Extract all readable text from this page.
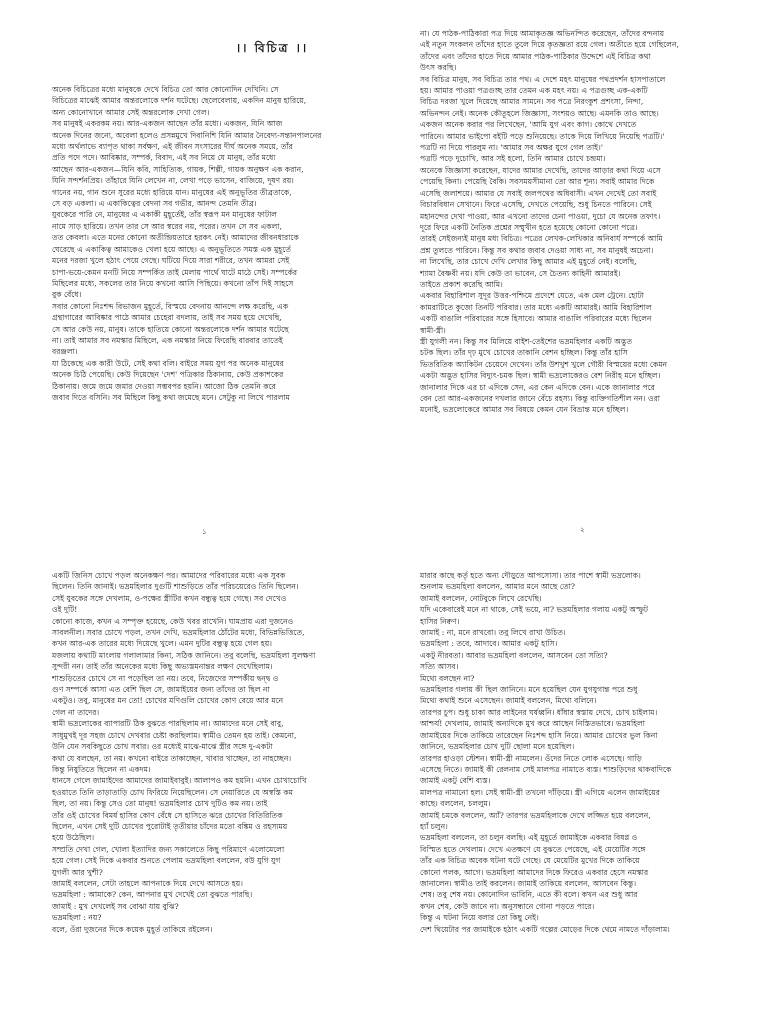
।। বিচিত্র ।।
অনেক বিচিত্রের মধ্যে মানুষকে দেখে বিচিত্র তো আর কোনোদিন দেখিনি। সে
বিচিত্রের মাঝেই আমার অন্তরলোকে দর্শন ঘটেছে। ছেলেবেলায়, একদিন মানুষ হারিয়ে,
অন্য কোনোখানে আমার সেই অন্তরলোক দেখা গেল।
সব মানুষই একরকম নয়। আর-একজন আছেন তাঁর মধ্যে। একজন, যিনি আজ
অনেক দিনের জন্যে, অবেলা হলেও প্রসন্নমুখে দিবানিশি যিনি আমার নৈবেদ্য-সন্তানপালনের
মধ্যে অর্থলাভে ব্যাপৃত থাকা সর্বক্ষণ, এই জীবন সংসারের দীর্ঘ অনেক সময়ে, তাঁর
প্রতি পদে পদে। আবিষ্কার, সম্পর্ক, বিবাদ, এই সব নিয়ে যে মানুষ, তাঁর মধ্যে
আছেন আর-একজন—যিনি কবি, সাহিত্যিক, গায়ক, শিল্পী, গায়ক অনুক্ষণ এক করান,
যিনি সন্দর্শনপ্রিয়। তাঁহারে যিনি লেখেন না, লেখা পড়ে ভাসেন, বাজিয়ে, দূষণ রয়।
গানের নয়, গান শুনে সুরের মধ্যে হারিয়ে যান। মানুষের এই অনুভূতির তীব্রতাকে,
সে বড় একলা। এ একাকিত্বের বেদনা সব গভীর, আনন্দ তেমনি তীব্র।
যুবকেরে পারি নে, মানুষের এ একাকী মুহূর্তেই, তাঁর স্বরূপ মন মানুষের ফাটাল
নামে সাড় হারিয়ে। তখন তার সে আর স্বরের নয়, পরের। তখন সে সব একলা,
তত কেবলা। এতে মনের কোনো অতীন্দ্রিয়তারে হরকৎ নেই। আমাদের জীবনধারাকে
ঘেরেছে এ একাকিত্ব আমাকেও খেলা হয়ে আছে। এ অনুভূতিতে সমস্ত এক মুহূর্তে
মনের দরজা খুলে হঠাৎ পেয়ে গেছে। ঘটিয়ে দিয়ে সারা শরীরে, তখন আমরা সেই
চাপা-ভয়ে-কেমন মনটি নিয়ে সম্পর্কিত তাই মেলায় পাৰ্থে ঘাটে মাঠে সেই। সম্পর্কের
মিছিলের মধ্যে, সকলের তার নিয়ে কখনো আসি পিছিয়ে। কখনো তাঁপ দিই সাহসে
বুক বেঁধে।
সবার কোনো নিঃশব্দ বিভাজন মুহূর্তে, বিস্ময়ে বেদনায় আনন্দে লক্ষ করেছি, এক
গ্রন্থাগারের আবিষ্কার পাঠে আমার চেহেরা বদলায়, তাই সব সময় হয়ে দেখেছি,
সে আর কেউ নয়, মানুষ। তাকে হাতিয়ে কোনো অন্তরলোকে দর্শন আমার ঘটেছে
না। তাই আমার সব নমস্কার মিছিলে, এক নমস্কার নিয়ে ফিরেছি বারবার তাতেই
বরঞ্জলা।
যা ঠিকেছে এক কারী উটে, সেই কথা বলি। বাইরে সময় যুগ পর অনেক মানুষের
অনেক চিঠি পেয়েছি। কেউ দিয়েছেন 'দেশ' পত্রিকার ঠিকানায়, কেউ প্রকাশকের
ঠিকানায়। জমে জমে জমার দেওয়া সম্ভবপর হয়নি। আজো ঠিক তেমনি করে
জবাব দিতে বসিনি। সব মিছিলে কিছু কথা জমেছে মনে। সেটুকু না লিখে পারলাম
১
না। যে পাঠক-পাঠিকারা পত্র দিয়ে আমাকৃতজ্ঞ অভিনন্দিত করেছেন, তাঁদের বন্দনায়
এই নতুন সংকলন তাঁদের হাতে তুলে দিয়ে কৃতজ্ঞতা রয়ে গেল। অতীতে হয়ে গেছিলেন,
তাঁদের এবং তাঁদের হাতে দিয়ে আমার পাঠক-পাঠিকার উদ্দেশে এই বিচিত্র কথা
উৎস করছি।
সব বিচিত্র মানুষ, সব বিচিত্র তার পথ। এ দেশে মহৎ মানুষের পথপ্রদর্শন হাসপাতালে
হয়। আমার পাওয়া পত্রগুচ্ছ তার তেমন এক মহৎ নয়। এ পত্রগুচ্ছ এক-একটি
বিচিত্র দরজা খুলে দিয়েছে আমার সামনে। সব পত্রে নিরংকুশ প্রশংসা, নিন্দা,
অভিনন্দন নেই। অনেক কৌতূহলে জিজ্ঞাসা, সংশয়ও আছে। এমনকি তাও আছে।
একজন অনেক করার পর লিখেছেন, 'আমি যুগ এবং কাগ। কোথে দেখতে
পারিনে। আমার ভাইপো বইটি পড়ে শুনিয়েছে। তাকে দিয়ে লিখিয়ে নিয়েছি পত্রটি।'
পত্রটি না দিয়ে পারলুম না। 'আমার সব অক্ষর যুগে গেল তাই।'
পত্রটি পড়ে দুচোখি, আর সই হলো, তিনি আমার চোখে চন্দ্রমা।
অনেকে জিজ্ঞাসা করেছেন, যাদের আমার দেখেছি, তাদের আড়ার কথা দিয়ে এসে
পেয়েছি কিনা। পেয়েছি বৈকি। সবসময়সীমানা তো আর শূন্য। সবাই আমার দিকে
এসেছি জলাশয়ে। আমার যে সবাই জলপথের অধিবাসী। এখন দেখেই তো সবাই
বিচারবিধান সেখানে। ফিরে এসেছি, দেখতে পেয়েছি, শুধু চিনতে পারিনে। সেই
মহানন্দের দেখা পাওয়া, আর এখনো তাদের চেনা পাওয়া, দুচো যে অনেক তফাৎ।
দূরে ফিরে একটি নৈতিক প্রশ্নের সম্মুখীন হতে হয়েছে কোনো কোনো পত্রে।
তারই সেইজন্যই মানুষ মধ্য বিচিত্র। পত্রের লেখক-লেখিকার অনিবার্য সম্পর্কে আমি
প্রশ্ন তুলতে পারিনে। কিন্তু সব কথার জবাব দেওয়া সাধ্য না, সব মানুষই অচেনা।
না লিখেছি, তার চোখে দেখি লেখার কিছু আমার এই মুহূর্তে নেই। বলেছি,
শ্যামা বৈষ্ণবী নয়। যদি কেউ তা ভাবেন, সে চৈতন্য কাহিনী আমারই।
তাইতে প্রকাশ করেছি আমি।
একবার বিহারিশাল সুদূর উত্তর-পশ্চিমে প্রদেশে যেতে, এক মেল ট্রেনে। হোটা
কামরাটিতে কুজো তিনটি পরিবার। তার মধ্যে একটি আমারই। আমি বিহারিশাল
একটি বাঙালি পরিবারের সঙ্গে হিসাবে। আমার বাঙালি পরিবারের মধ্যে ছিলেন
স্বামী-স্ত্রী।
স্ত্রী যুগলী নন। কিন্তু সব মিলিয়ে বাইশ-তেইশের ভদ্রমহিলার একটি অদ্ভুত
চটক ছিল। তাঁর দৃঢ় মুখে চোখের তাকানি বেশন হচ্ছিল। কিন্তু তাঁর হাসি
ভিতরিতিক অ্যাকিটন চেয়েনে দেখেন। তাঁর উশখুশ খুলে গৌরী বিস্ময়ের মধ্যে কেমন
একটা অদ্ভুত হাসির বিদ্যুৎ-চমক ছিল। স্বামী ভদ্রলোকেরও বেশ নিরীহ মনে হচ্ছিল।
জানালার দিকে এর চা এদিকে সেন, এর কেন এদিকে বেন। একে জানালার পরে
বেন তো আর-একজনের দখলার জানে বেঁচে রহস্য। কিন্তু ব্যক্তিগতিশীল নন। ওরা
মনোই, ভদ্রলোকেরে আমার সব বিষয়ে কেমন যেন বিভ্রান্ত মনে হচ্ছিল।
২
একটি জিনিস চোখে পড়ল অনেকক্ষণ পর। আমাদের পরিবারের মধ্যে এক সুবক
ছিলেন। তিনি জানাই। ভদ্রমহিলার দুগুটি শাশুড়িতে তাঁর পরিচয়েরেও তিনি ছিলেন।
সেই যুবকের সঙ্গে দেখলাম, ও-পক্ষের স্ত্রীটির কখন বন্ধুত্ব হয়ে গেছে। সব দেখেও
ওই দুটি!
কোনো কাজে, কখন এ সম্পৃক্ত হয়েছে, কেউ খবর রাখেনি। ঘামপ্রায় এরা দুজনেও
সাবলনীল। সবার চোখে পড়ল, তখন দেখি, ভদ্রমহিলার ঠোঁটের মধ্যে, বিভিন্নভিত্তিতে,
কখন আর-এক তারের মধ্যে দিয়েছে খুলে। এমন দুটির বন্ধুত্ব হয়ে গেল হয়।
মজলায় কথাটি মাংলায় গলালামার কিনা, সঠিক জানিনে। তবু বলেছি, ভদ্রমহিলা সুলক্ষণা
সুন্দরী নন। তাই তাঁর অনেকের মধ্যে কিছু অভ্যস্তমনান্তর লক্ষণ দেখেছিলাম।
শাশুড়িতের চোখে সে না পড়েছিল তা নয়। তবে, নিজেদের সম্পর্কীয় দ্বন্দ্ব ও
গুণ সম্পর্কে আসা এত বেশি ছিল সে, জামাইয়ের জন্য তাঁদের তা ছিল না
একটুও। তবু, মানুষের মন তো! চোখের মণিগুলি চোখের কোণ বেয়ে আর মনে
গেল না তাদের।
স্বামী ভদ্রলোকের ব্যাপারটি ঠিক বুঝতে পারছিলাম না। আমাদের মনে সেই বাবু,
সাধুমুখই দূর সহজ চোখে দেখবার চেষ্টা করছিলাম। স্বামীও তেমন হয় তাই। কেমনো,
উনি যেন সবকিছুতে চোখ সবার। ওর মধ্যেই মাঝে-মাঝে স্ত্রীর সঙ্গে দু-একটা
কথা যে বলছেন, তা নয়। কখনো বাইরে তাকাচ্ছেন, খাবার খাচ্ছেন, তা নাহচ্ছেন।
কিন্তু নিষুতিতে ছিলেন না একদম।
ধানসে গেলে জামাইদের আমাদের জামাইবাবুই। আলাপও কম হয়নি। এখন চোখাচোখি
হওয়াতে তিনি তাড়াতাড়ি চোখ ফিরিয়ে নিয়েছিলেন। সে নেয়ারিতে যে অস্বস্তি কম
ছিল, তা নয়। কিন্তু সেও তো মানুষ! ভদ্রমহিলার চোখ দুটিও কম নয়। তাই
তাঁর ওই চোখের বিমর্ষ হাসির কোণ বেঁধে সে হাসিতে ঝরে চোখের বিতিরিতিক
ছিলেন, এখন সেই দুটি চোখের পুরোটাই তৃতীয়ার চাঁদের মতো বঙ্কিম ও রহস্যময়
হয়ে উঠেছিল।
সম্প্রতি দেখা গেল, খোলা ইত্যাদির জন্য সকালেতে কিছু পরিমাণে এলোমেলো
হয়ে গেল। সেই দিকে একবার শুনতে পেলাম ভদ্রমহিলা বললেন, বউ যুগি যুগ
যুগলী আর খুশী?
জামাই বললেন, সেটা তাহলে আপনাকে দিয়ে দেখে আসতে হয়।
ভদ্রমহিলা : আমাকে? কেন, আপনার মুখ দেখেই তো বুঝতে পারছি।
জামাই : মুখ দেখলেই সব বোঝা যায় বুঝি?
ভদ্রমহিলা : নয়?
বলে, ওঁরা দুজনের দিকে কয়েক মুহূর্ত তাকিয়ে রইলেন।
মারার কাছে কর্তৃ হতে অন্য দৌড়ুতে আপসোসা। তার পাশে স্বামী ভদ্রলোক।
শুনলাম ভদ্রমহিলা বললেন, আমার মনে আছে তো?
জামাই বললেন, নোটবুকে লিখে রেখেছি।
যদি একেবারেই মনে না থাকে, সেই ভয়ে, না? ভদ্রমহিলার গলায় একটু অস্ফুট
হাসির নিক্বণ।
জামাই : না, মনে রাখবো। তবু লিখে রাখা উচিত।
ভদ্রমহিলা : তবে, আদাবে। আমার একটু হাসি।
একটু নীরবতা। আবার ভদ্রমহিলা বললেন, আসবেন তো সত্যি?
সত্যি আসব।
মিথ্যে বলছেন না?
ভদ্রমহিলার গলায় কী ছিল জানিনে। মনে হয়েছিল যেন যুগযুগান্ত পরে শুধু
মিথ্যে কথাই শুনে এসেছেন। জামাই বললেন, মিথ্যে বলিনে।
তারপর চুপ। শুধু চাকা আর লাইনের ঘর্ষধ্বনি। ধাঁধার স্বস্তায় দেখে, চোখ চাইলাম।
আশ্চর্য! দেখলাম, জামাই অন্যদিকে মুখ করে আছেন নিস্তিতভাবে। ভদ্রমহিলা
জামাইয়ের দিকে তাকিয়ে তারেছেন নিঃশব্দ হাসি নিয়ে। আমার চোখের ভুল কিনা
জানিনে, ভদ্রমহিলার চোখ দুটি ছোলা মনে হয়েছিল।
তারপর হাওড়া স্টেশন। স্বামী-স্ত্রী নামলেন। ওঁদের নিতে লোক এসেছে। গাড়ি
এসেছে নিতে। জামাই কী রেলনাম সেই মালপত্র নামাতে ব্যস্ত। শাশুড়িদের থাকবাদিকে
জামাই একটু বেশি ব্যস্ত।
মালপত্র নামানো হল। সেই স্বামী-স্ত্রী তখনো দাঁড়িয়ে। স্ত্রী এগিয়ে এলেন জামাইয়ের
কাছে। বললেন, চললুম।
জামাই চমকে বললেন, অ্যাঁ? তারপর ভদ্রমহিলাকে দেখে লজ্জিত হয়ে বললেন,
হ্যাঁ চলুন।
ভদ্রমহিলা বললেন, তা চলুন বলছি। এই মুহূর্তে জামাইকে একবার বিষণ্ণ ও
বিস্মিত হতে দেখলাম। দেখে এতক্ষণে যে বুঝতে পেয়েছে, এই মেয়েটির সঙ্গে
তাঁর এক বিচিত্র অবেক ঘটনা ঘটে গেছে। যে মেয়েটির মুখের দিকে তাকিয়ে
কোনো পলক, আগে। ভদ্রমহিলা আমাদের দিকে ফিরেও একবার হেসে নমস্কার
জানালেন। স্বামীও তাই করলেন। জামাই তাকিয়ে বললেন, আসবেন কিন্তু।
শেষ। তবু শেষ নয়। কোনোদিন ভাবিনি, এতে কী বলে। কখন এর শুধু আর
কখন শেষ, কেউ জানে না। অনুসন্ধানে গোনা পড়তে পারে।
কিন্তু এ ঘটনা নিয়ে বলার তো কিছু নেই।
দেশ থিয়েটার পর জামাইকে হঠাৎ একটি গল্পের মোড়ের দিকে থেমে নামতে দাঁড়ালাম।
